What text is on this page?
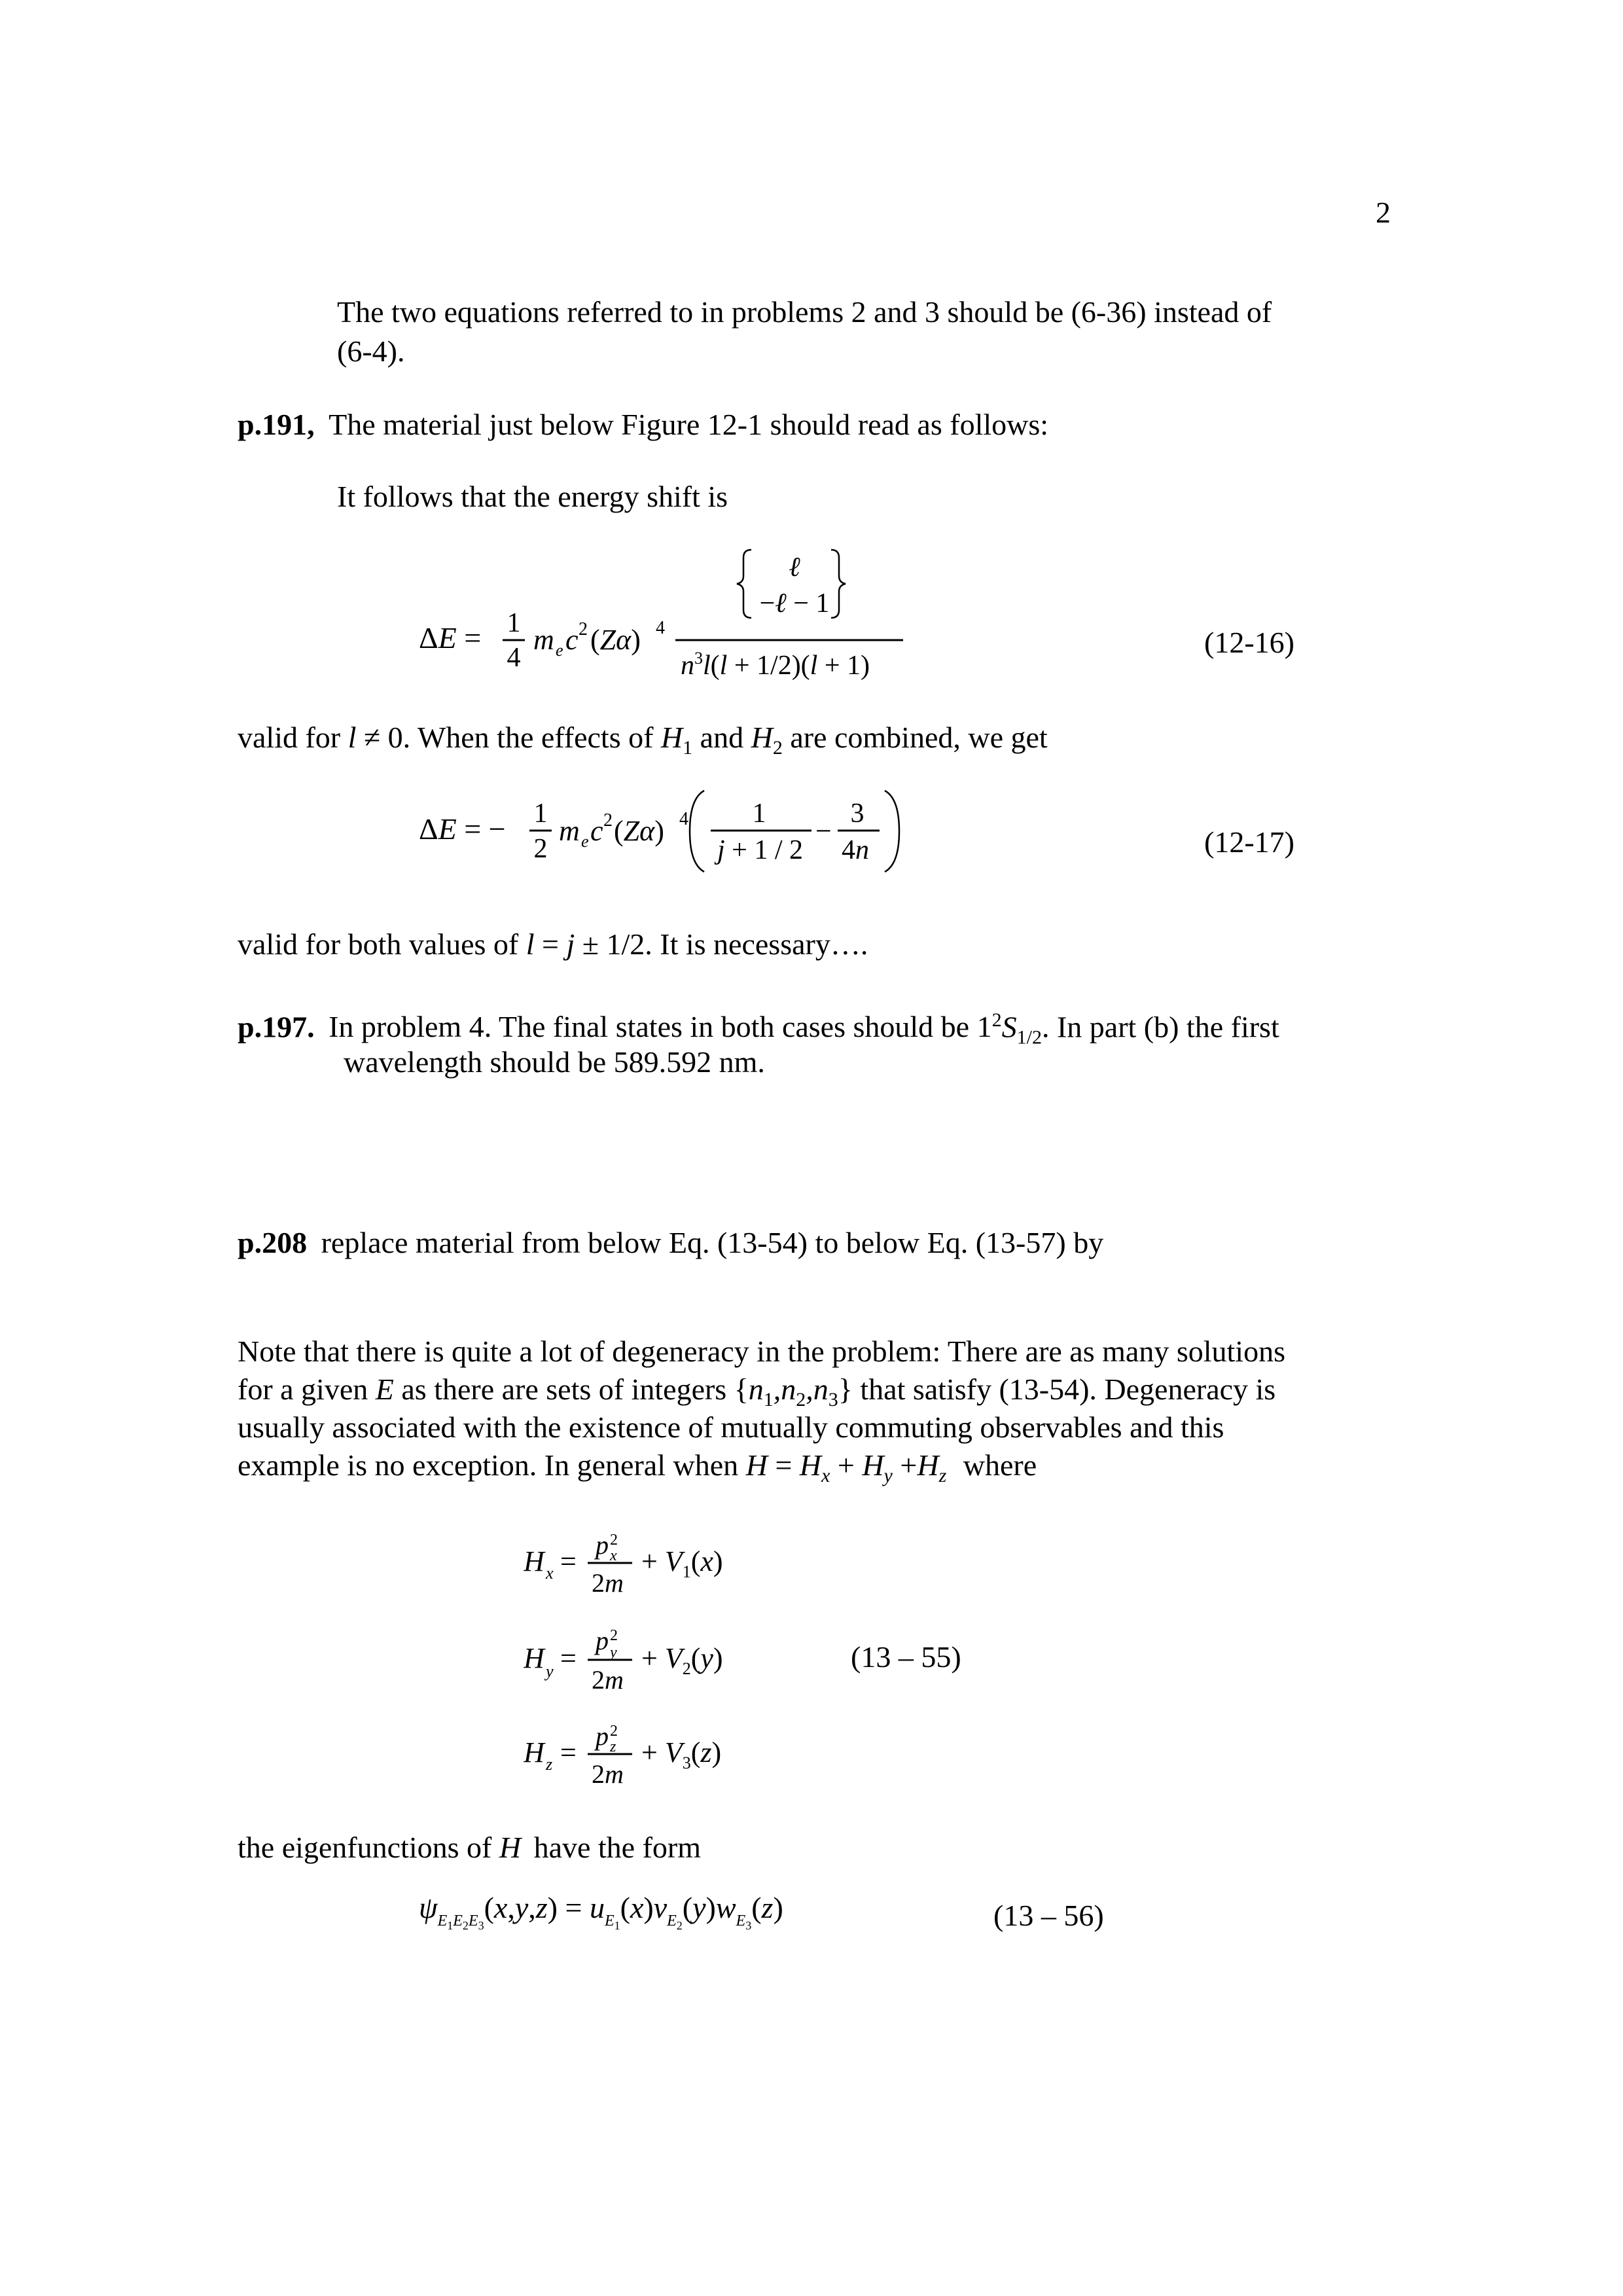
2
The two equations referred to in problems 2 and 3 should be (6-36) instead of
(6-4).
p.191, The material just below Figure 12-1 should read as follows:
It follows that the energy shift is
ΔE = 1
4
m e c 2 (Zα) 4
ℓ
−ℓ − 1
$n^3l(l + 1/2)(l + 1)$
(12-16)
valid for l ≠ 0. When the effects of $H_1$ and $H_2$ are combined, we get
ΔE = − 1
2
m e c 2 (Zα) 4 1
j + 1 / 2
−
3
4n	(12-17)
valid for both values of l = j ± 1/2. It is necessary….
p.197. In problem 4. The final states in both cases should be $1^2S_{1/2}$. In part (b) the first
wavelength should be 589.592 nm.
p.208 replace material from below Eq. (13-54) to below Eq. (13-57) by
Note that there is quite a lot of degeneracy in the problem: There are as many solutions
for a given E as there are sets of integers $\{n_1,n_2,n_3\}$ that satisfy (13-54). Degeneracy is
usually associated with the existence of mutually commuting observables and this
example is no exception. In general when $H = H_x + H_y +H_z$ where
H x =
p 2
x
2m
+ $V_1(x)$
H y =
p 2
y
2m
+ $V_2(y)$
H z =
p 2
z
2m
+ $V_3(z)$
(13 – 55)
the eigenfunctions of H have the form
$\psi_E1E2E3(x,y,z) = u_E1(x)v_E2(y)w_E3(z)$	(13 – 56)
